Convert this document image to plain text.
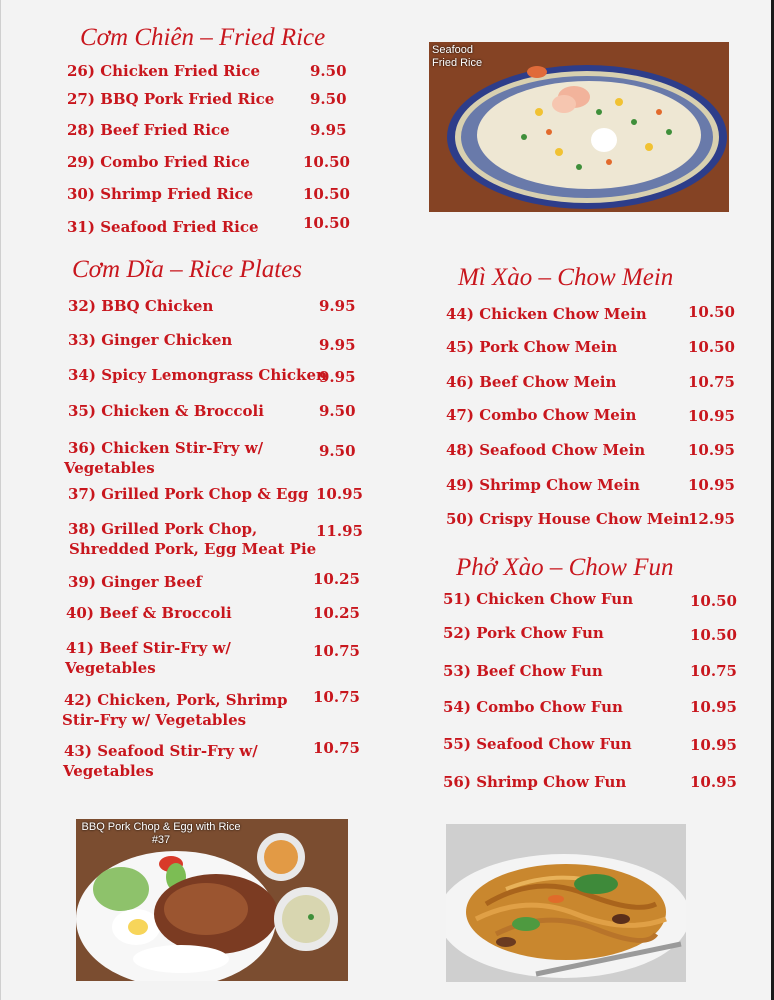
Cơm Chiên – Fried Rice
26) Chicken Fried Rice	9.50
27) BBQ Pork Fried Rice 9.50
28) Beef Fried Rice	9.95
29) Combo Fried Rice	10.50
30) Shrimp Fried Rice	10.50
31) Seafood Fried Rice	10.50
Cơm Dĩa – Rice Plates
32) BBQ Chicken	9.95
33) Ginger Chicken	9.95
34) Spicy Lemongrass Chicken
9.95
35) Chicken & Broccoli	9.50
36) Chicken Stir-Fry w/
Vegetables
9.50
37) Grilled Pork Chop & Egg 10.95
38) Grilled Pork Chop,
Shredded Pork, Egg Meat Pie
11.95
39) Ginger Beef	10.25
40) Beef & Broccoli	10.25
41) Beef Stir-Fry w/
Vegetables
10.75
42) Chicken, Pork, Shrimp
Stir-Fry w/ Vegetables
10.75
43) Seafood Stir-Fry w/
Vegetables
10.75
Mì Xào – Chow Mein
44) Chicken Chow Mein	10.50
45) Pork Chow Mein	10.50
46) Beef Chow Mein	10.75
47) Combo Chow Mein	10.95
48) Seafood Chow Mein	10.95
49) Shrimp Chow Mein	10.95
50) Crispy House Chow Mein
12.95
Phở Xào – Chow Fun
51) Chicken Chow Fun	10.50
52) Pork Chow Fun	10.50
53) Beef Chow Fun	10.75
54) Combo Chow Fun	10.95
55) Seafood Chow Fun	10.95
56) Shrimp Chow Fun	10.95
Seafood
Fried Rice
BBQ Pork Chop & Egg with Rice
#37
